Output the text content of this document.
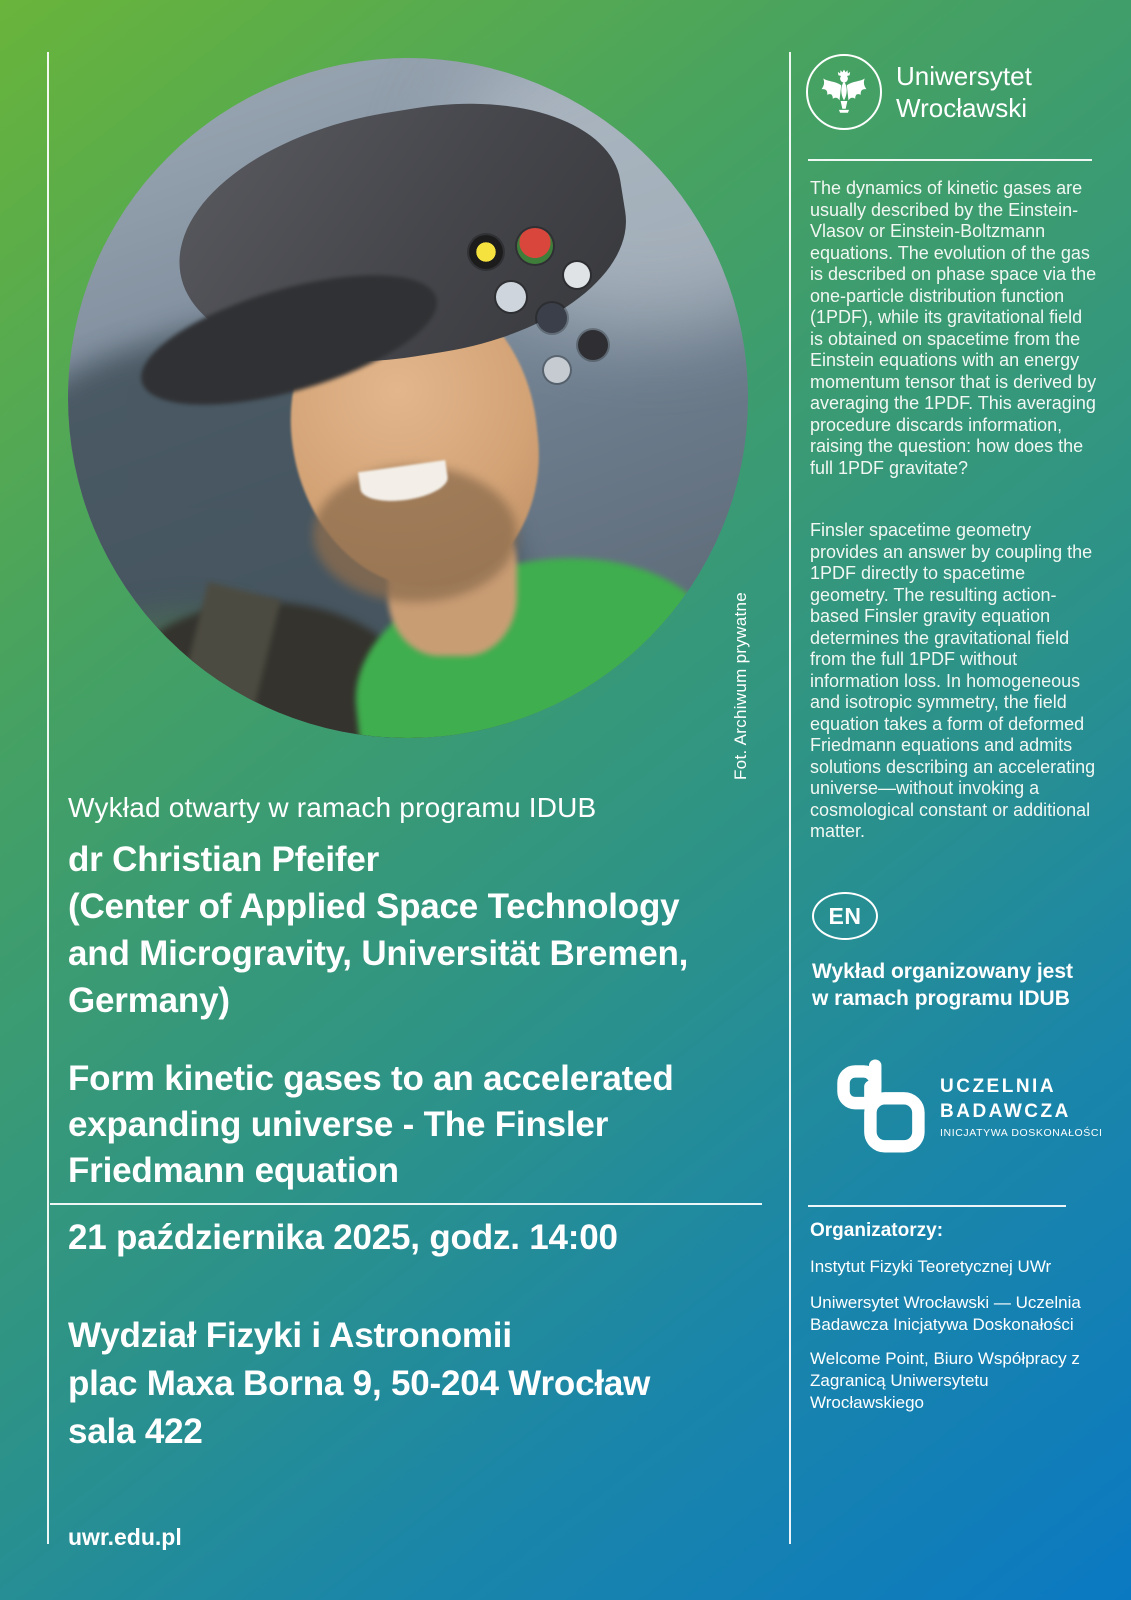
Fot. Archiwum prywatne
Wykład otwarty w ramach programu IDUB
dr Christian Pfeifer
(Center of Applied Space Technology
and Microgravity, Universität Bremen,
Germany)
Form kinetic gases to an accelerated
expanding universe - The Finsler
Friedmann equation
21 października 2025, godz. 14:00
Wydział Fizyki i Astronomii
plac Maxa Borna 9, 50-204 Wrocław
sala 422
uwr.edu.pl
Uniwersytet
Wrocławski
The dynamics of kinetic gases are usually described by the Einstein-Vlasov or Einstein-Boltzmann equations. The evolution of the gas is described on phase space via the one-particle distribution function (1PDF), while its gravitational field is obtained on spacetime from the Einstein equations with an energy momentum tensor that is derived by averaging the 1PDF. This averaging procedure discards information, raising the question: how does the full 1PDF gravitate?
Finsler spacetime geometry provides an answer by coupling the 1PDF directly to spacetime geometry. The resulting action-based Finsler gravity equation determines the gravitational field from the full 1PDF without information loss. In homogeneous and isotropic symmetry, the field equation takes a form of deformed Friedmann equations and admits solutions describing an accelerating universe—without invoking a cosmological constant or additional matter.
EN
Wykład organizowany jest
w ramach programu IDUB
UCZELNIA
BADAWCZA
INICJATYWA DOSKONAŁOŚCI
Organizatorzy:
Instytut Fizyki Teoretycznej UWr
Uniwersytet Wrocławski — Uczelnia Badawcza Inicjatywa Doskonałości
Welcome Point, Biuro Współpracy z Zagranicą Uniwersytetu Wrocławskiego
